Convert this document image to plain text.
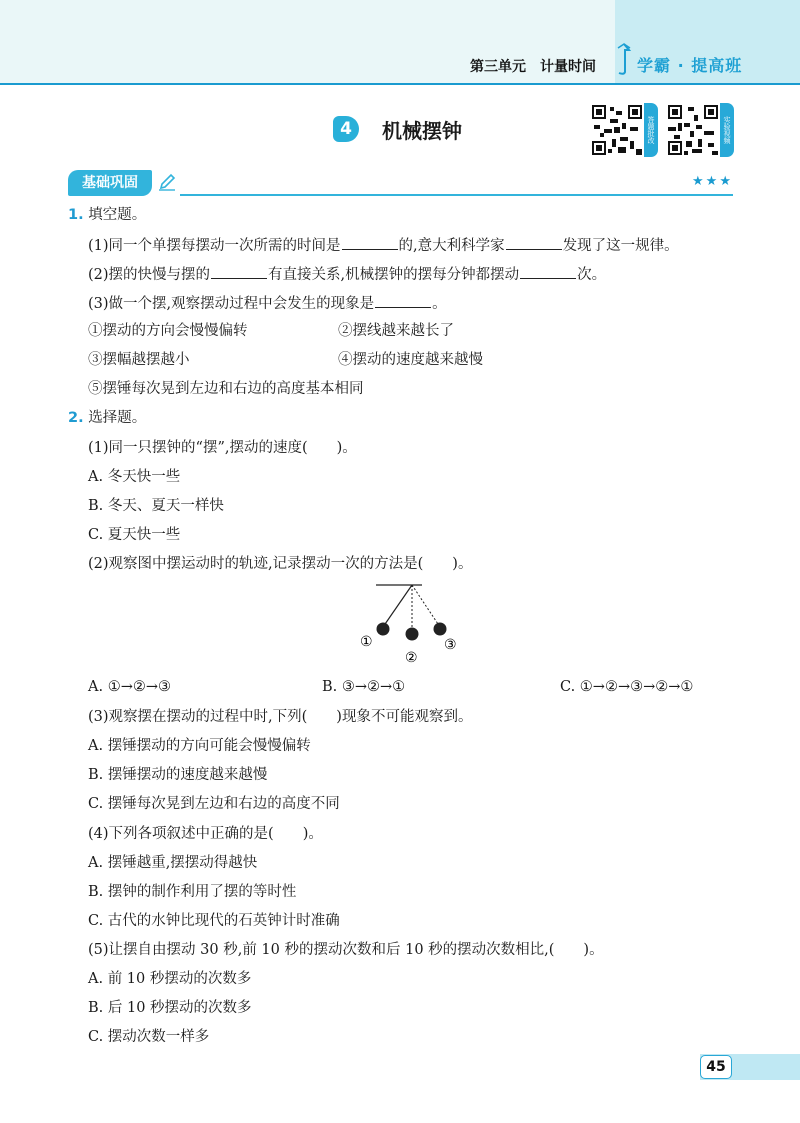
第三单元　计量时间	学霸 · 提高班
4	机械摆钟	答题批改	实验视频
基础巩固	★★★
1. 填空题。
(1)同一个单摆每摆动一次所需的时间是	的,意大利科学家	发现了这一规律。
(2)摆的快慢与摆的	有直接关系,机械摆钟的摆每分钟都摆动	次。
(3)做一个摆,观察摆动过程中会发生的现象是	。
①摆动的方向会慢慢偏转	②摆线越来越长了
③摆幅越摆越小	④摆动的速度越来越慢
⑤摆锤每次晃到左边和右边的高度基本相同
2. 选择题。
(1)同一只摆钟的“摆”,摆动的速度(　　)。
A. 冬天快一些
B. 冬天、夏天一样快
C. 夏天快一些
(2)观察图中摆运动时的轨迹,记录摆动一次的方法是(　　)。
①
②
③
A. ①→②→③	B. ③→②→①	C. ①→②→③→②→①
(3)观察摆在摆动的过程中时,下列(　　)现象不可能观察到。
A. 摆锤摆动的方向可能会慢慢偏转
B. 摆锤摆动的速度越来越慢
C. 摆锤每次晃到左边和右边的高度不同
(4)下列各项叙述中正确的是(　　)。
A. 摆锤越重,摆摆动得越快
B. 摆钟的制作利用了摆的等时性
C. 古代的水钟比现代的石英钟计时准确
(5)让摆自由摆动 30 秒,前 10 秒的摆动次数和后 10 秒的摆动次数相比,(　　)。
A. 前 10 秒摆动的次数多
B. 后 10 秒摆动的次数多
C. 摆动次数一样多
45
